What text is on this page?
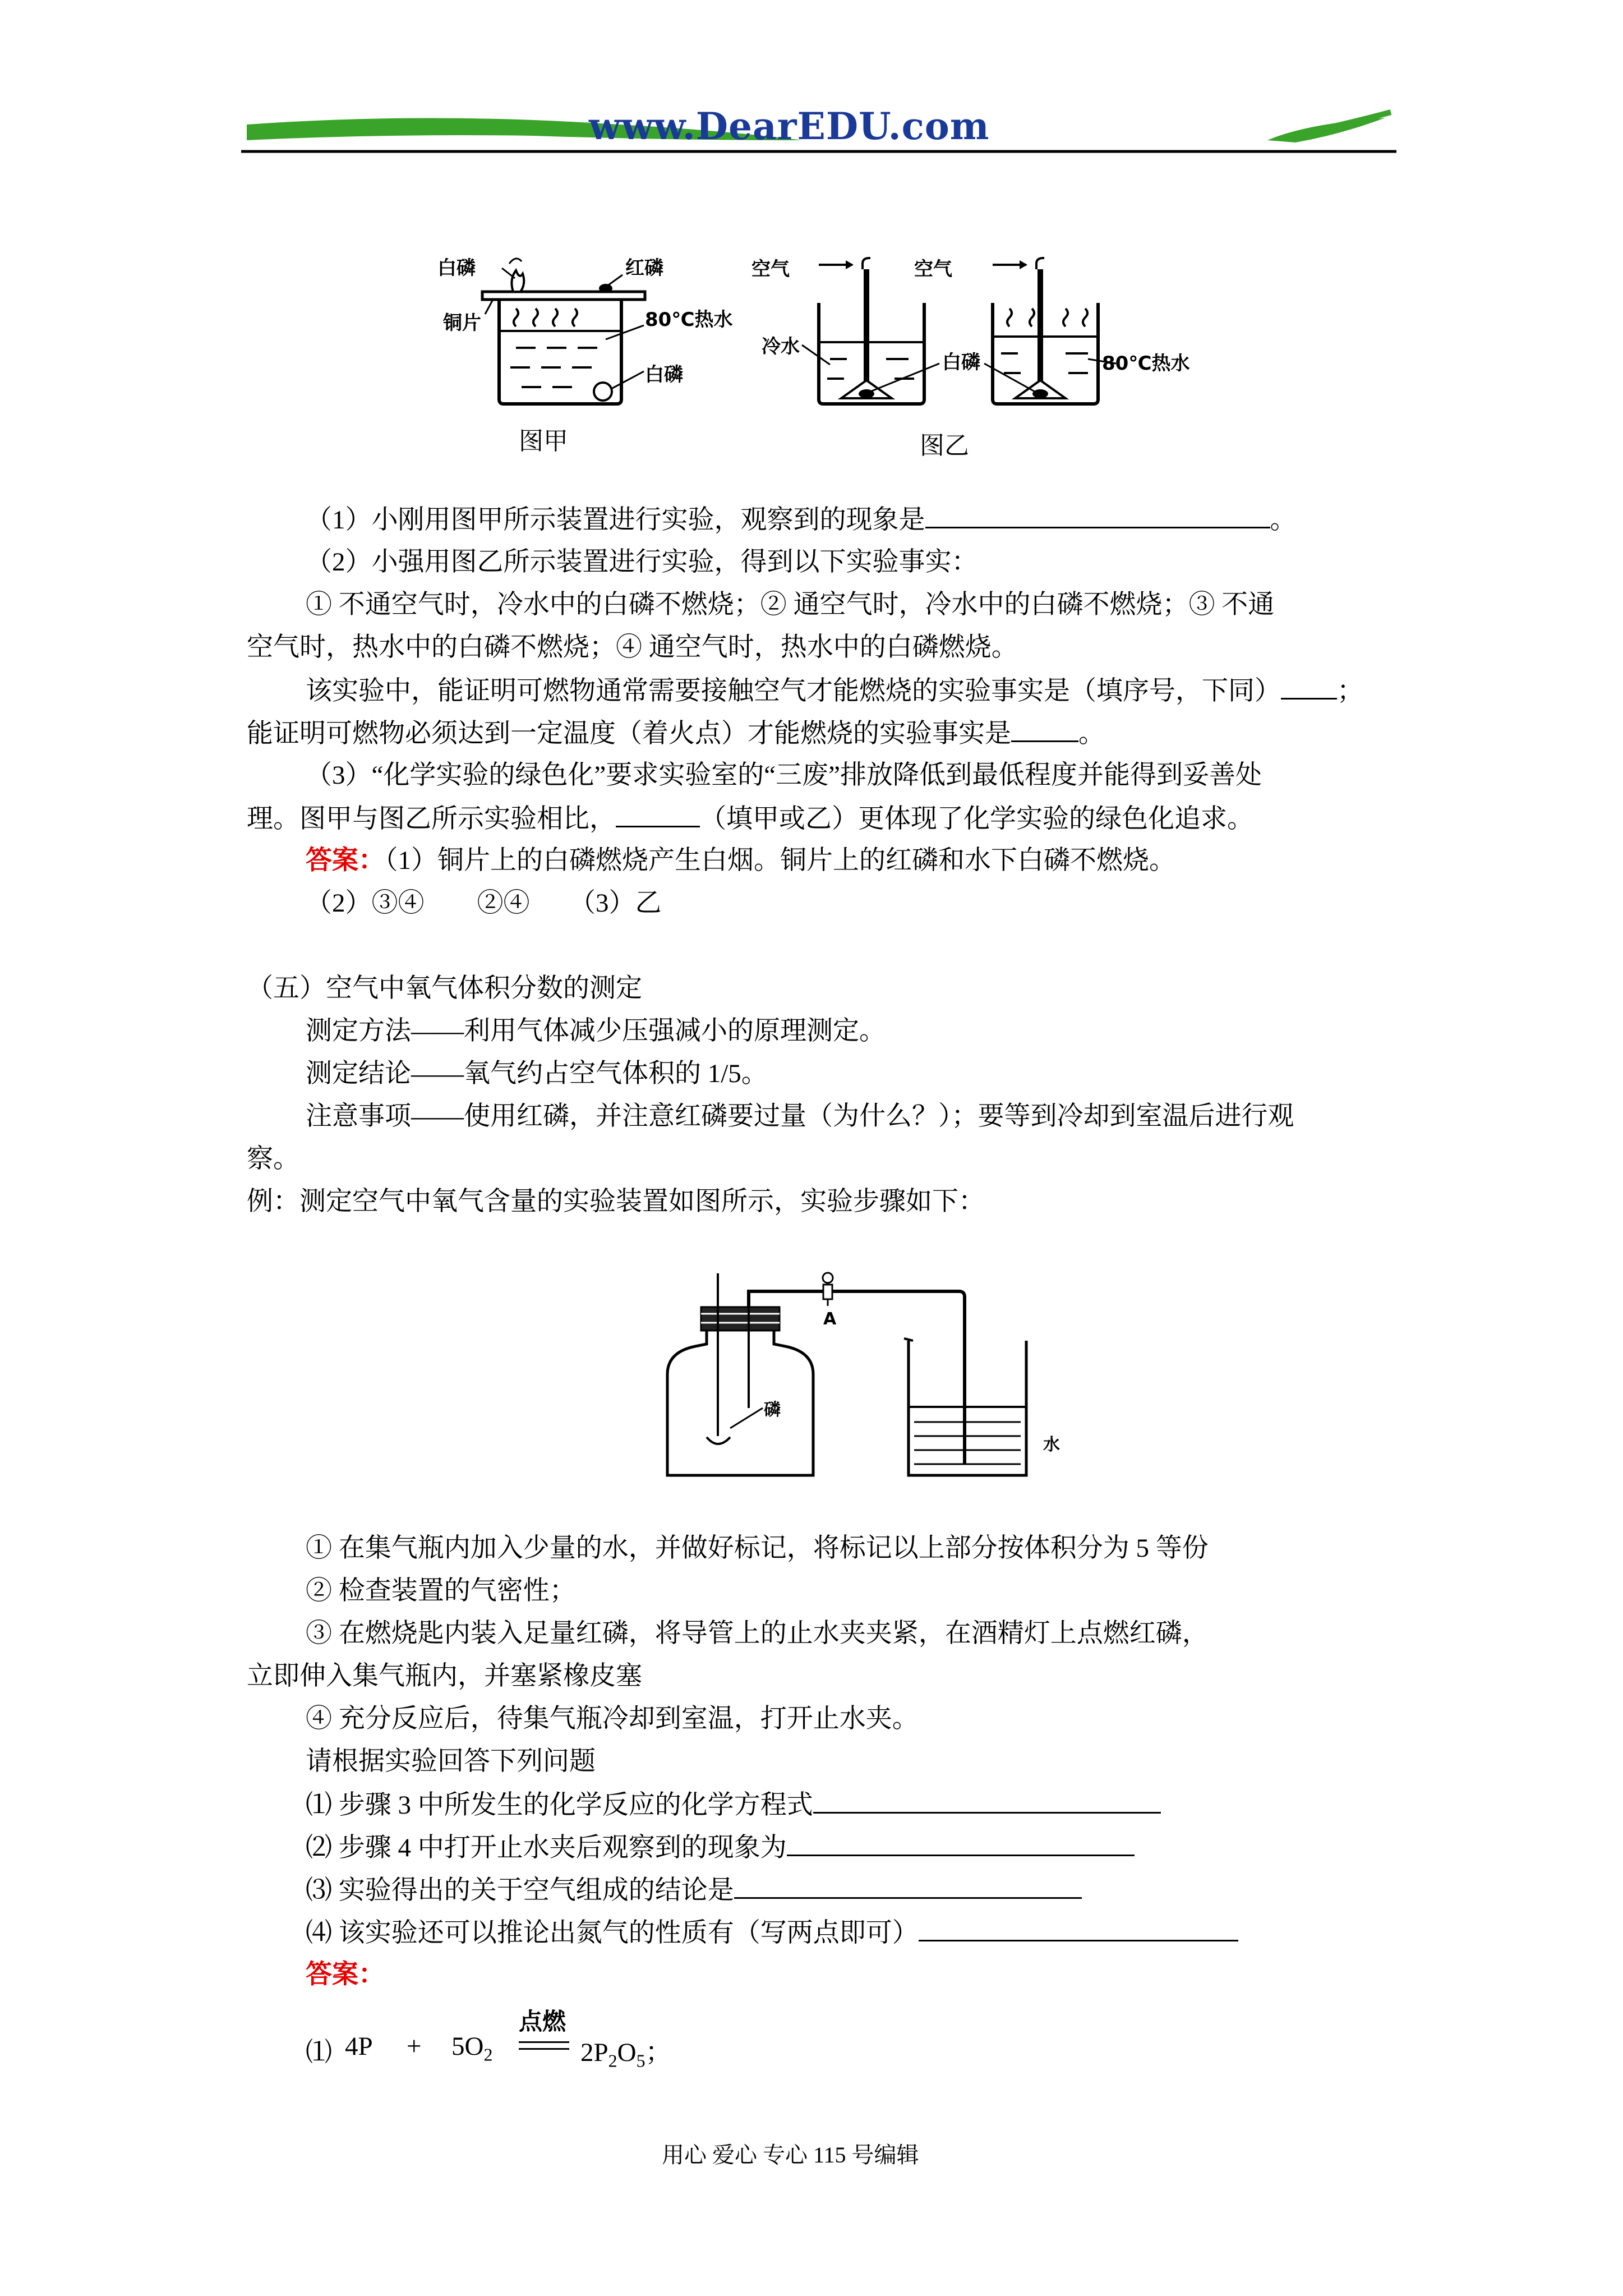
www.DearEDU.com
白磷	红磷
铜片	80℃热水
白磷
图甲
空气	空气
冷水
白磷	80℃热水
图乙
（1）小刚用图甲所示装置进行实验，观察到的现象是	。
（2）小强用图乙所示装置进行实验，得到以下实验事实：
① 不通空气时，冷水中的白磷不燃烧；② 通空气时，冷水中的白磷不燃烧；③ 不通
空气时，热水中的白磷不燃烧；④ 通空气时，热水中的白磷燃烧。
该实验中，能证明可燃物通常需要接触空气才能燃烧的实验事实是（填序号，下同） ；
能证明可燃物必须达到一定温度（着火点）才能燃烧的实验事实是	。
（3）“化学实验的绿色化”要求实验室的“三废”排放降低到最低程度并能得到妥善处
理。图甲与图乙所示实验相比，	（填甲或乙）更体现了化学实验的绿色化追求。
答案：（1）铜片上的白磷燃烧产生白烟。铜片上的红磷和水下白磷不燃烧。
（2）③④　　②④　　（3）乙
（五）空气中氧气体积分数的测定
测定方法——利用气体减少压强减小的原理测定。
测定结论——氧气约占空气体积的 1/5。
注意事项——使用红磷，并注意红磷要过量（为什么？）；要等到冷却到室温后进行观
察。
例：测定空气中氧气含量的实验装置如图所示，实验步骤如下：
A
磷
水
① 在集气瓶内加入少量的水，并做好标记，将标记以上部分按体积分为 5 等份
② 检查装置的气密性；
③ 在燃烧匙内装入足量红磷，将导管上的止水夹夹紧，在酒精灯上点燃红磷，
立即伸入集气瓶内，并塞紧橡皮塞
④ 充分反应后，待集气瓶冷却到室温，打开止水夹。
请根据实验回答下列问题
⑴ 步骤 3 中所发生的化学反应的化学方程式
⑵ 步骤 4 中打开止水夹后观察到的现象为
⑶ 实验得出的关于空气组成的结论是
⑷ 该实验还可以推论出氮气的性质有（写两点即可）
答案：
⑴ $4P + 5O_2$
点燃
$2P_2O_5$；
用心 爱心 专心 115 号编辑
